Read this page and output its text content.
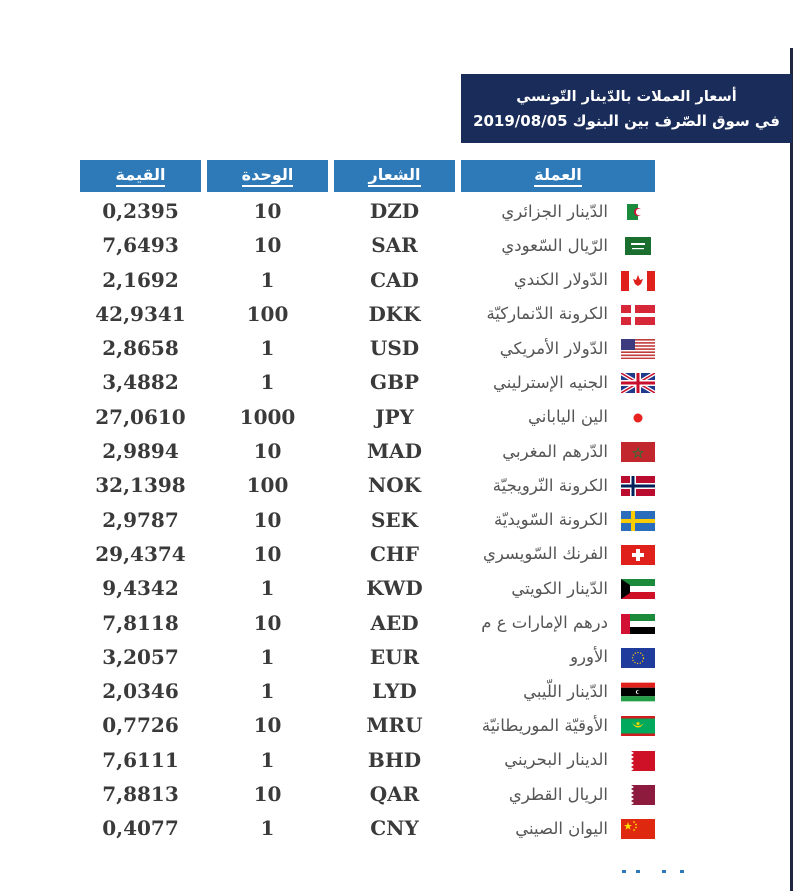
أسعار العملات بالدّينار التّونسي
في سوق الصّرف بين البنوك 2019/08/05
القيمة	الوحدة	الشعار	العملة
0,2395	10	DZD	الدّينار الجزائري
7,6493	10	SAR	الرّيال السّعودي
2,1692	1	CAD	الدّولار الكندي
42,9341	100	DKK	الكرونة الدّنماركيّة
2,8658	1	USD	الدّولار الأمريكي
3,4882	1	GBP	الجنيه الإسترليني
27,0610	1000	JPY	الين الياباني
2,9894	10	MAD	الدّرهم المغربي
32,1398	100	NOK	الكرونة النّرويجيّة
2,9787	10	SEK	الكرونة السّويديّة
29,4374	10	CHF	الفرنك السّويسري
9,4342	1	KWD	الدّينار الكويتي
7,8118	10	AED	درهم الإمارات ع م
3,2057	1	EUR	الأورو
2,0346	1	LYD	الدّينار اللّيبي
0,7726	10	MRU	الأوقيّة الموريطانيّة
7,6111	1	BHD	الدينار البحريني
7,8813	10	QAR	الريال القطري
0,4077	1	CNY	اليوان الصيني
